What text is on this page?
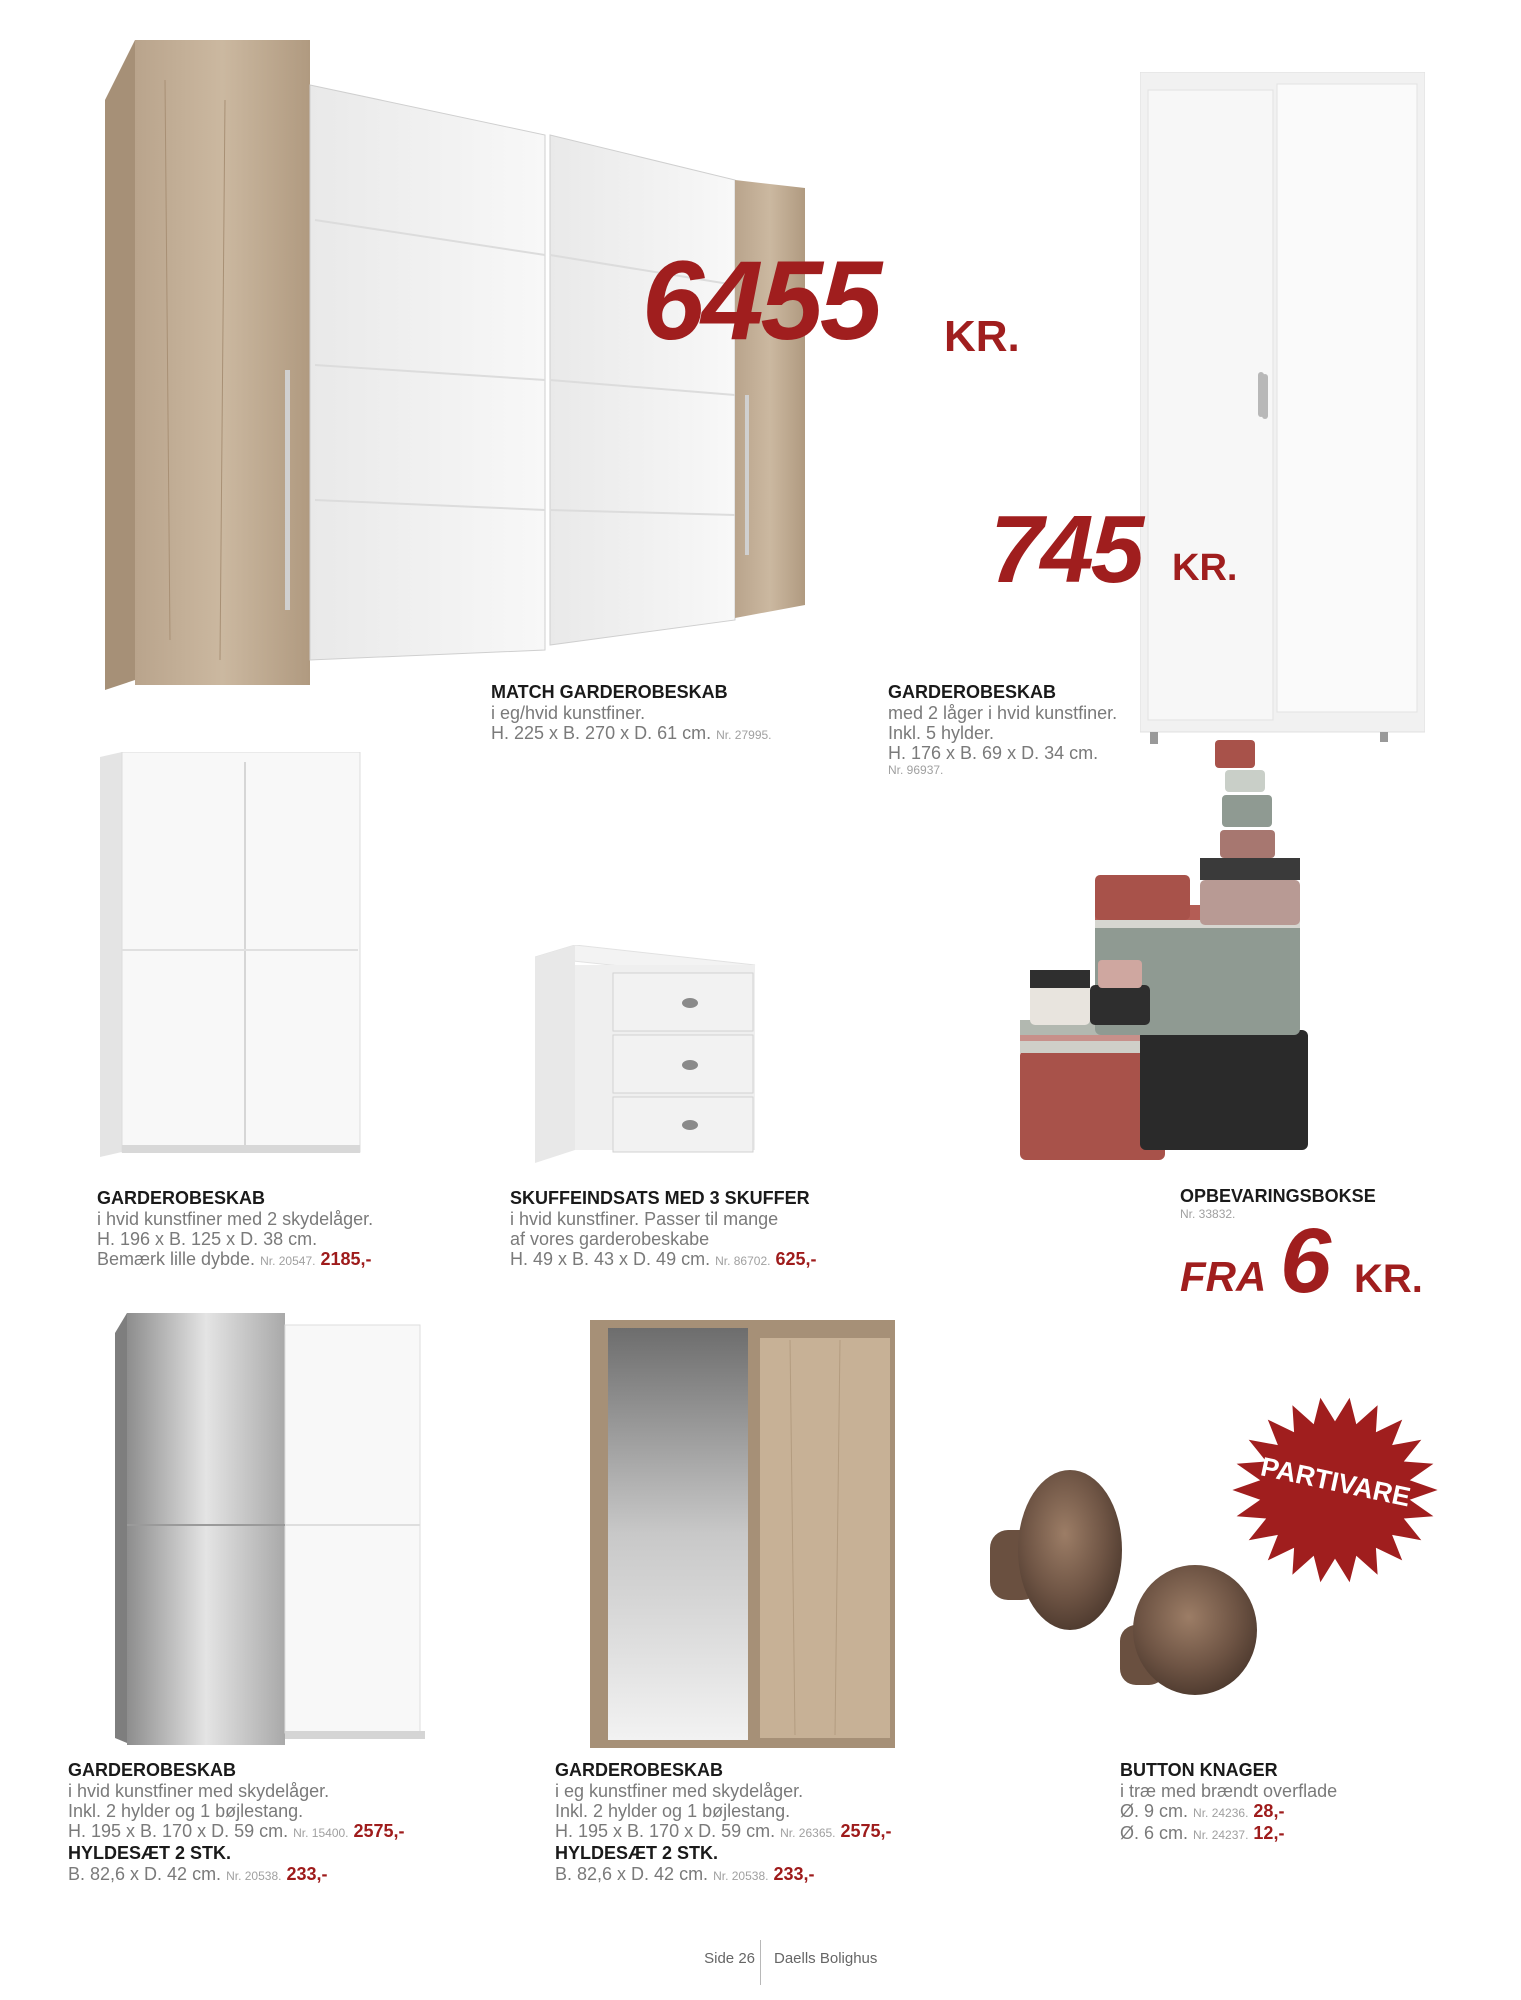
6455 KR.
MATCH GARDEROBESKAB
i eg/hvid kunstfiner.
H. 225 x B. 270 x D. 61 cm. Nr. 27995.
745 KR.
GARDEROBESKAB
med 2 låger i hvid kunstfiner.
Inkl. 5 hylder.
H. 176 x B. 69 x D. 34 cm.
Nr. 96937.
GARDEROBESKAB
i hvid kunstfiner med 2 skydelåger.
H. 196 x B. 125 x D. 38 cm.
Bemærk lille dybde. Nr. 20547. 2185,-
SKUFFEINDSATS MED 3 SKUFFER
i hvid kunstfiner. Passer til mange
af vores garderobeskabe
H. 49 x B. 43 x D. 49 cm. Nr. 86702. 625,-
OPBEVARINGSBOKSE
Nr. 33832.
FRA 6 KR.
GARDEROBESKAB
i hvid kunstfiner med skydelåger.
Inkl. 2 hylder og 1 bøjlestang.
H. 195 x B. 170 x D. 59 cm. Nr. 15400. 2575,-
HYLDESÆT 2 STK.
B. 82,6 x D. 42 cm. Nr. 20538. 233,-
GARDEROBESKAB
i eg kunstfiner med skydelåger.
Inkl. 2 hylder og 1 bøjlestang.
H. 195 x B. 170 x D. 59 cm. Nr. 26365. 2575,-
HYLDESÆT 2 STK.
B. 82,6 x D. 42 cm. Nr. 20538. 233,-
PARTIVARE
BUTTON KNAGER
i træ med brændt overflade
Ø. 9 cm. Nr. 24236. 28,-
Ø. 6 cm. Nr. 24237. 12,-
Side 26 Daells Bolighus
